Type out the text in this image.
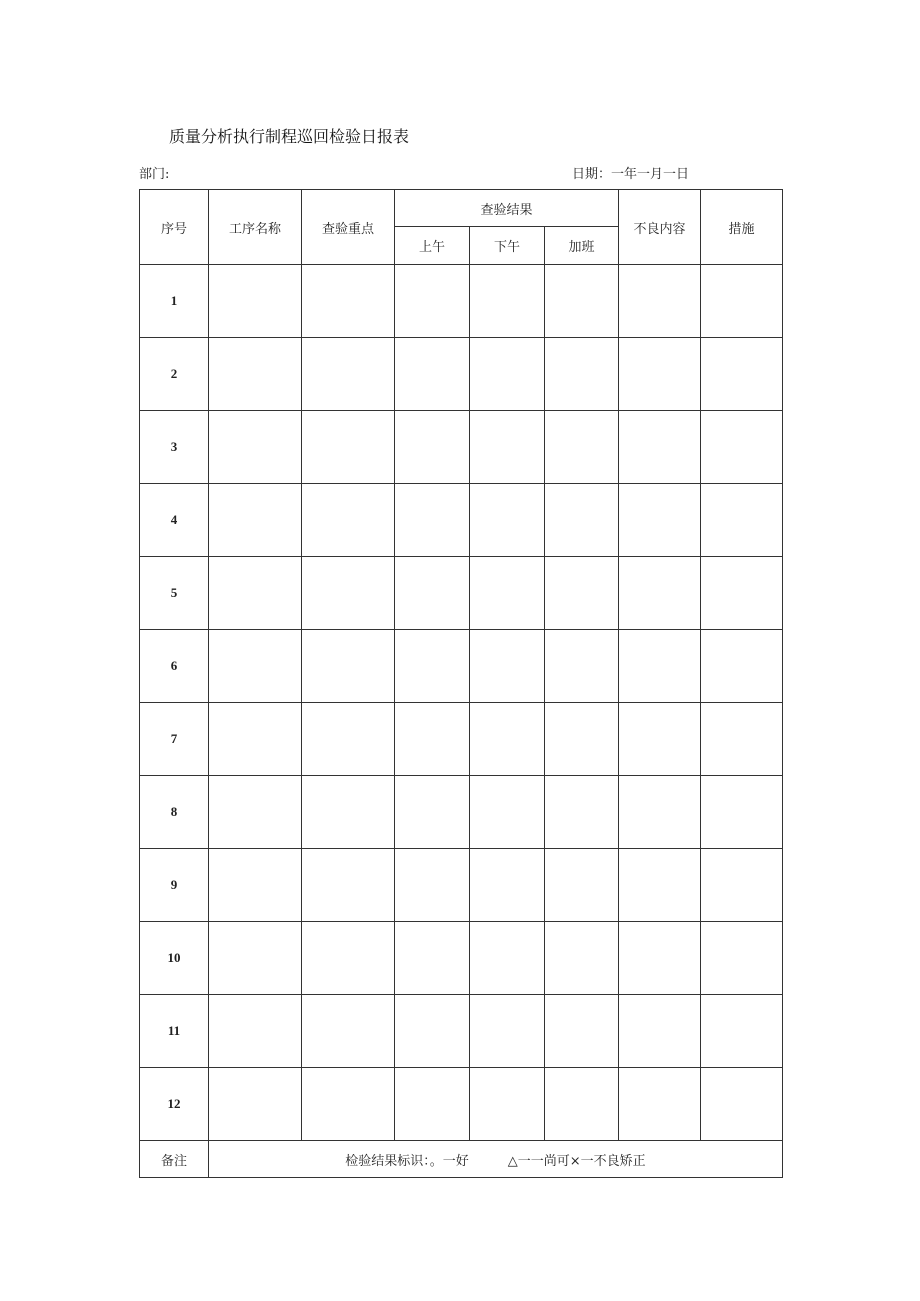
质量分析执行制程巡回检验日报表
部门:	日期：一年一月一日
序号	工序名称	查验重点	查验结果			不良内容	措施
			上午	下午	加班		
1							
2							
3							
4							
5							
6							
7							
8							
9							
10							
11							
12							
备注	检验结果标识：。一好　　　△一一尚可×一不良矫正						
